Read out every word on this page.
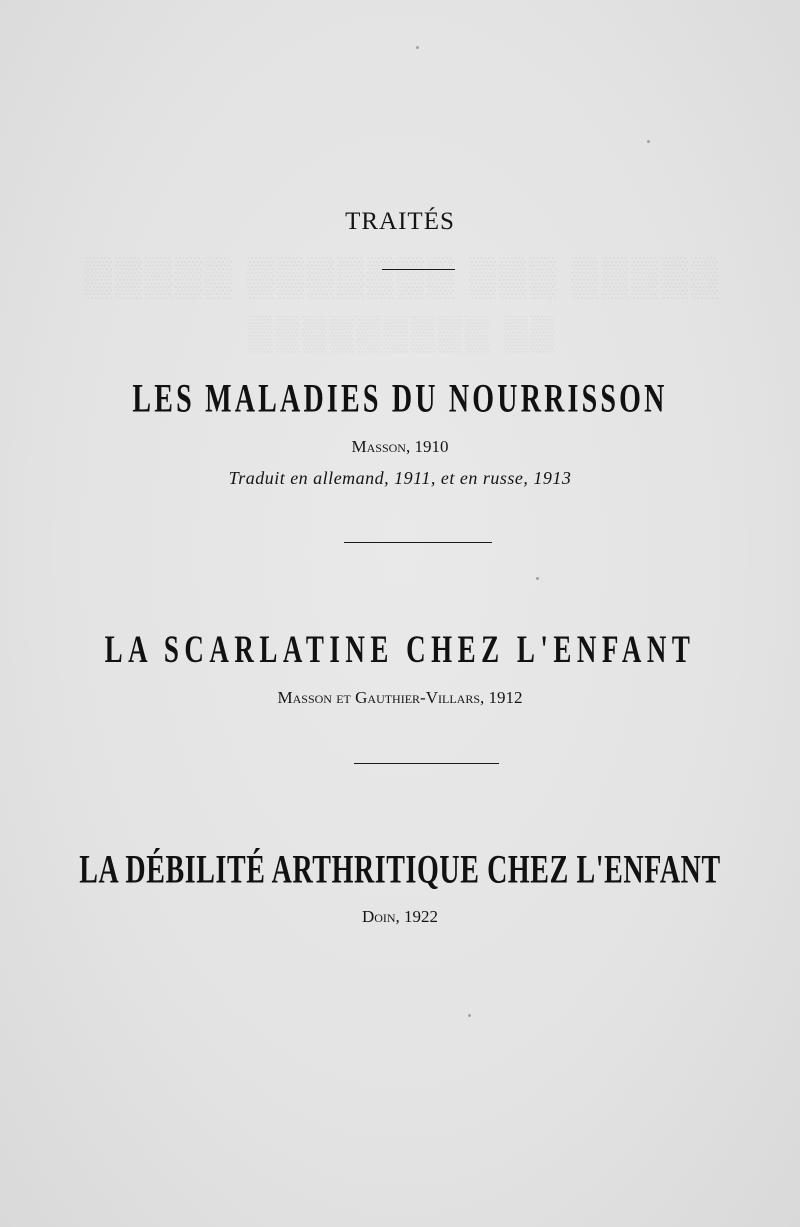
TRAITÉS
LES MALADIES DU NOURRISSON
Masson, 1910
Traduit en allemand, 1911, et en russe, 1913
LA SCARLATINE CHEZ L'ENFANT
Masson et Gauthier-Villars, 1912
LA DÉBILITÉ ARTHRITIQUE CHEZ L'ENFANT
Doin, 1922
